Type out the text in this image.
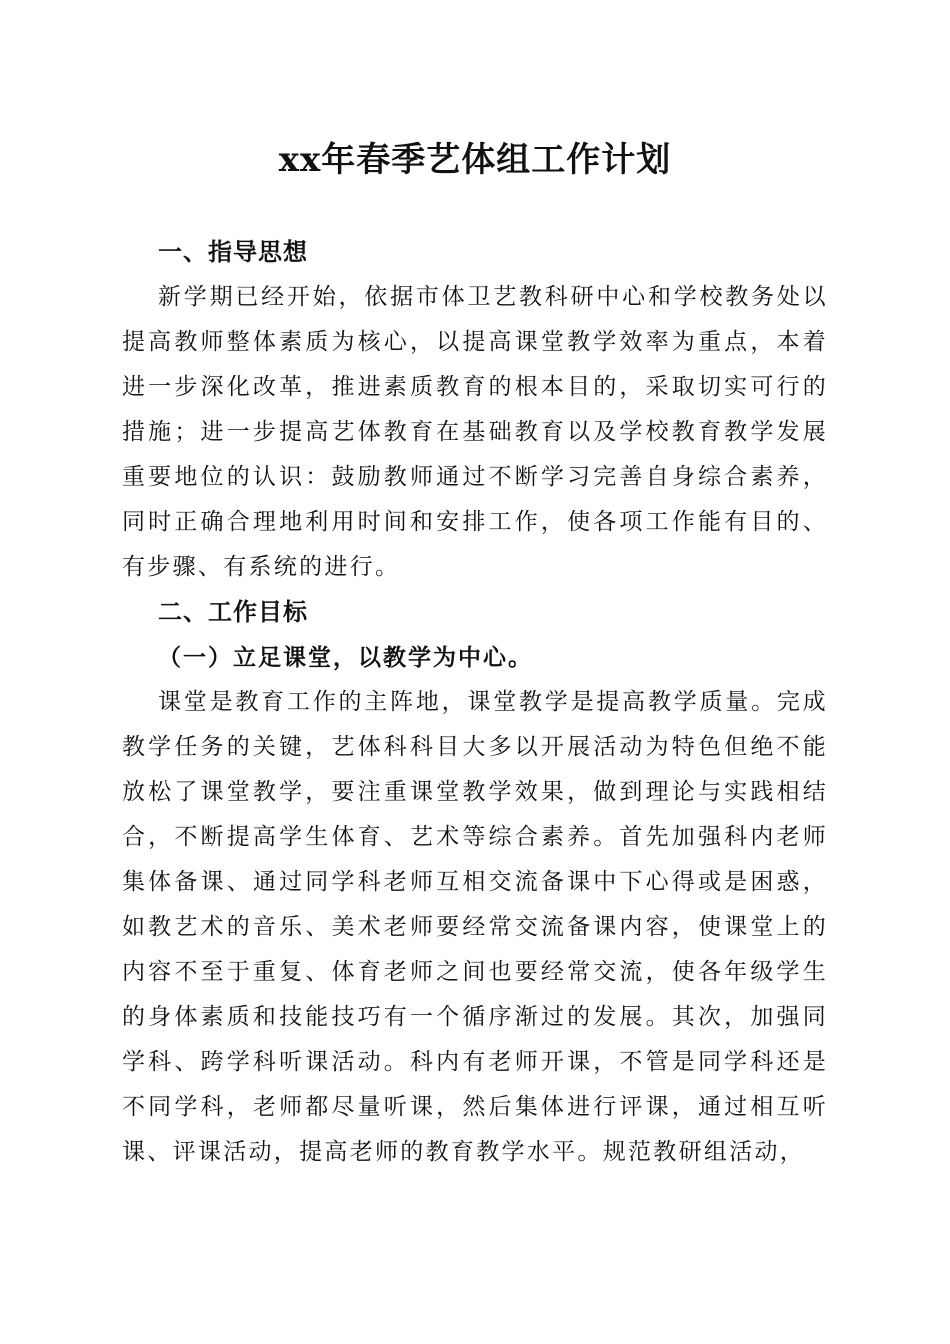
xx年春季艺体组工作计划

一、指导思想

新学期已经开始，依据市体卫艺教科研中心和学校教务处以提高教师整体素质为核心，以提高课堂教学效率为重点，本着进一步深化改革，推进素质教育的根本目的，采取切实可行的措施；进一步提高艺体教育在基础教育以及学校教育教学发展重要地位的认识：鼓励教师通过不断学习完善自身综合素养，同时正确合理地利用时间和安排工作，使各项工作能有目的、有步骤、有系统的进行。

二、工作目标

（一）立足课堂，以教学为中心。

课堂是教育工作的主阵地，课堂教学是提高教学质量。完成教学任务的关键，艺体科科目大多以开展活动为特色但绝不能放松了课堂教学，要注重课堂教学效果，做到理论与实践相结合，不断提高学生体育、艺术等综合素养。首先加强科内老师集体备课、通过同学科老师互相交流备课中下心得或是困惑，如教艺术的音乐、美术老师要经常交流备课内容，使课堂上的内容不至于重复、体育老师之间也要经常交流，使各年级学生的身体素质和技能技巧有一个循序渐过的发展。其次，加强同学科、跨学科听课活动。科内有老师开课，不管是同学科还是不同学科，老师都尽量听课，然后集体进行评课，通过相互听课、评课活动，提高老师的教育教学水平。规范教研组活动，
